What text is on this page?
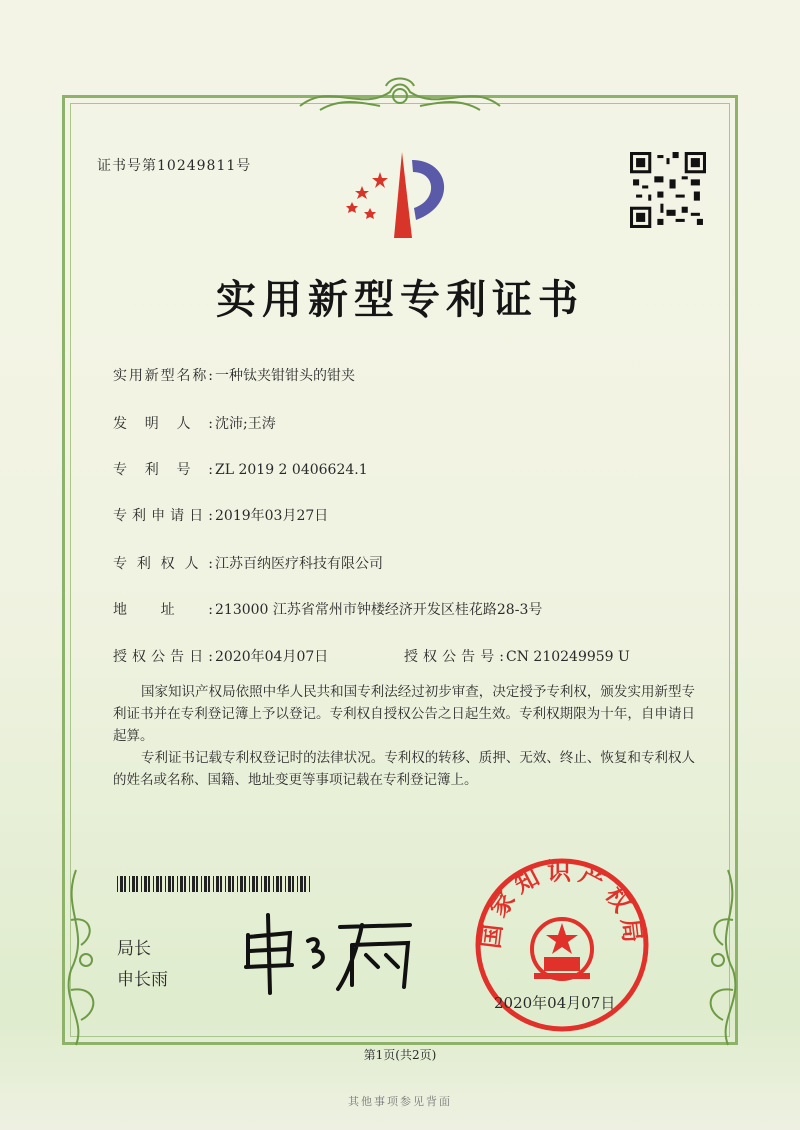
证书号第10249811号
实用新型专利证书
实用新型名称: 一种钛夹钳钳头的钳夹
发明人: 沈沛;王涛
专利号: ZL 2019 2 0406624.1
专利申请日: 2019年03月27日
专利权人: 江苏百纳医疗科技有限公司
地址: 213000 江苏省常州市钟楼经济开发区桂花路28-3号
授权公告日: 2020年04月07日	授权公告号: CN 210249959 U
国家知识产权局依照中华人民共和国专利法经过初步审查，决定授予专利权，颁发实用新型专利证书并在专利登记簿上予以登记。专利权自授权公告之日起生效。专利权期限为十年，自申请日起算。
专利证书记载专利权登记时的法律状况。专利权的转移、质押、无效、终止、恢复和专利权人的姓名或名称、国籍、地址变更等事项记载在专利登记簿上。
局长
申长雨
国家知识产权局
2020年04月07日
第1页(共2页)
其他事项参见背面
